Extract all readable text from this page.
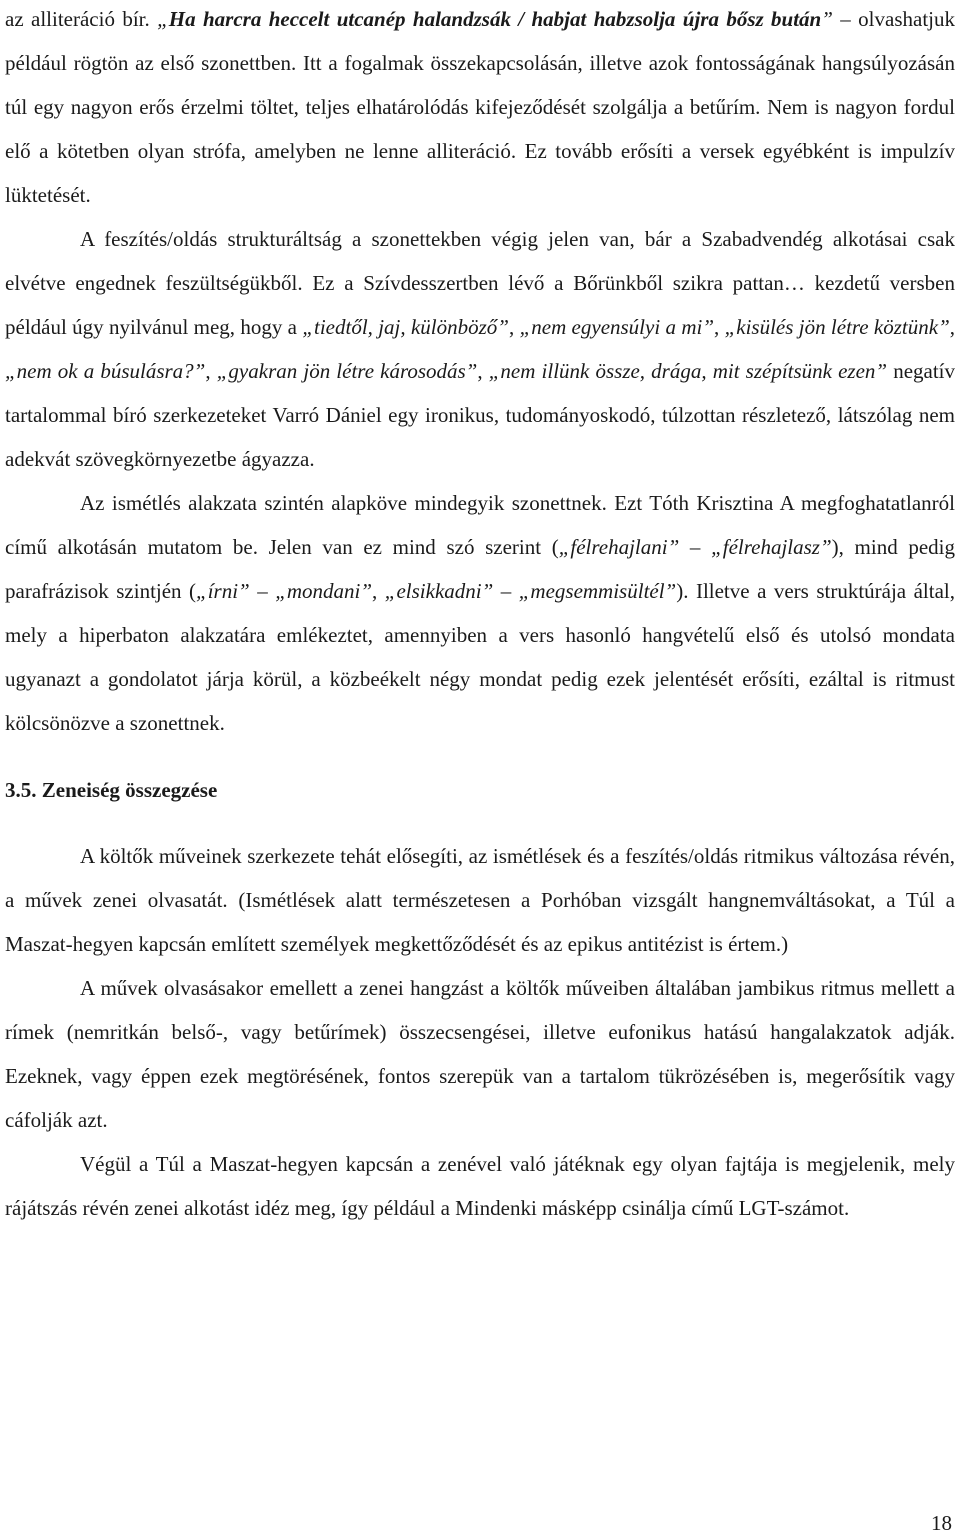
az alliteráció bír. „Ha harcra heccelt utcanép halandzsák / habjat habzsolja újra bősz bután” – olvashatjuk például rögtön az első szonettben. Itt a fogalmak összekapcsolásán, illetve azok fontosságának hangsúlyozásán túl egy nagyon erős érzelmi töltet, teljes elhatárolódás kifejeződését szolgálja a betűrím. Nem is nagyon fordul elő a kötetben olyan strófa, amelyben ne lenne alliteráció. Ez tovább erősíti a versek egyébként is impulzív lüktetését.

A feszítés/oldás strukturáltság a szonettekben végig jelen van, bár a Szabadvendég alkotásai csak elvétve engednek feszültségükből. Ez a Szívdesszertben lévő a Bőrünkből szikra pattan… kezdetű versben például úgy nyilvánul meg, hogy a „tiedtől, jaj, különböző”, „nem egyensúlyi a mi”, „kisülés jön létre köztünk”, „nem ok a búsulásra?”, „gyakran jön létre károsodás”, „nem illünk össze, drága, mit szépítsünk ezen” negatív tartalommal bíró szerkezeteket Varró Dániel egy ironikus, tudományoskodó, túlzottan részletező, látszólag nem adekvát szövegkörnyezetbe ágyazza.

Az ismétlés alakzata szintén alapköve mindegyik szonettnek. Ezt Tóth Krisztina A megfoghatatlanról című alkotásán mutatom be. Jelen van ez mind szó szerint („félrehajlani” – „félrehajlasz”), mind pedig parafrázisok szintjén („írni” – „mondani”, „elsikkadni” – „megsemmisültél”). Illetve a vers struktúrája által, mely a hiperbaton alakzatára emlékeztet, amennyiben a vers hasonló hangvételű első és utolsó mondata ugyanazt a gondolatot járja körül, a közbeékelt négy mondat pedig ezek jelentését erősíti, ezáltal is ritmust kölcsönözve a szonettnek.

3.5. Zeneiség összegzése

A költők műveinek szerkezete tehát elősegíti, az ismétlések és a feszítés/oldás ritmikus változása révén, a művek zenei olvasatát. (Ismétlések alatt természetesen a Porhóban vizsgált hangnemváltásokat, a Túl a Maszat-hegyen kapcsán említett személyek megkettőződését és az epikus antitézist is értem.)

A művek olvasásakor emellett a zenei hangzást a költők műveiben általában jambikus ritmus mellett a rímek (nemritkán belső-, vagy betűrímek) összecsengései, illetve eufonikus hatású hangalakzatok adják. Ezeknek, vagy éppen ezek megtörésének, fontos szerepük van a tartalom tükrözésében is, megerősítik vagy cáfolják azt.

Végül a Túl a Maszat-hegyen kapcsán a zenével való játéknak egy olyan fajtája is megjelenik, mely rájátszás révén zenei alkotást idéz meg, így például a Mindenki másképp csinálja című LGT-számot.

18
